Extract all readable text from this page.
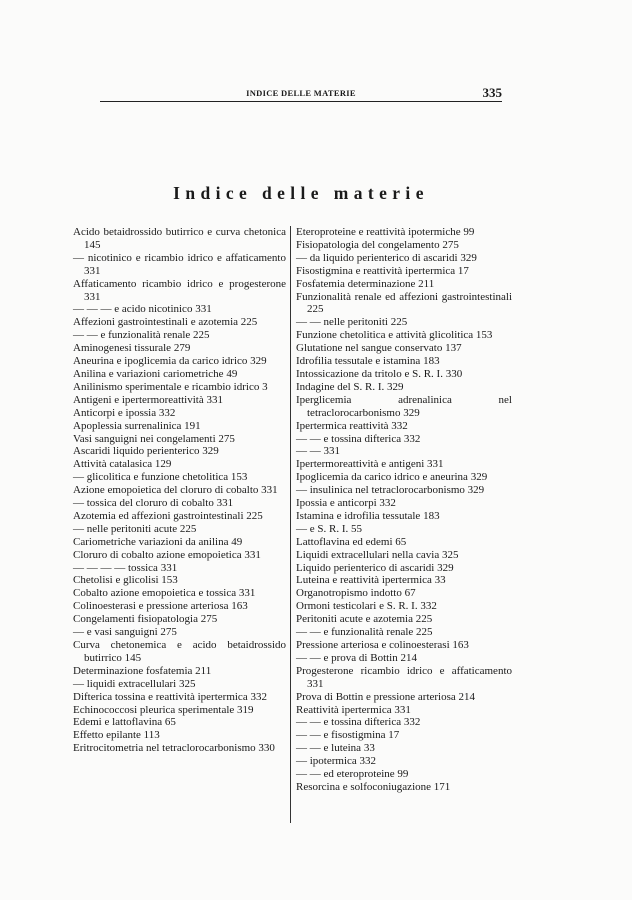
INDICE DELLE MATERIE	335
Indice delle materie

Acido betaidrossido butirrico e curva chetonica 145

— nicotinico e ricambio idrico e affaticamento 331

Affaticamento ricambio idrico e progesterone 331

— — — e acido nicotinico 331

Affezioni gastrointestinali e azotemia 225

— — e funzionalità renale 225

Aminogenesi tissurale 279

Aneurina e ipoglicemia da carico idrico 329

Anilina e variazioni cariometriche 49

Anilinismo sperimentale e ricambio idrico 3

Antigeni e ipertermoreattività 331

Anticorpi e ipossia 332

Apoplessia surrenalinica 191

Vasi sanguigni nei congelamenti 275

Ascaridi liquido perienterico 329

Attività catalasica 129

— glicolitica e funzione chetolitica 153

Azione emopoietica del cloruro di cobalto 331

— tossica del cloruro di cobalto 331

Azotemia ed affezioni gastrointestinali 225

— nelle peritoniti acute 225

Cariometriche variazioni da anilina 49

Cloruro di cobalto azione emopoietica 331

— — — — tossica 331

Chetolisi e glicolisi 153

Cobalto azione emopoietica e tossica 331

Colinoesterasi e pressione arteriosa 163

Congelamenti fisiopatologia 275

— e vasi sanguigni 275

Curva chetonemica e acido betaidrossido butirrico 145

Determinazione fosfatemia 211

— liquidi extracellulari 325

Difterica tossina e reattività ipertermica 332

Echinococcosi pleurica sperimentale 319

Edemi e lattoflavina 65

Effetto epilante 113

Eritrocitometria nel tetraclorocarbonismo 330

Eteroproteine e reattività ipotermiche 99

Fisiopatologia del congelamento 275

— da liquido perienterico di ascaridi 329

Fisostigmina e reattività ipertermica 17

Fosfatemia determinazione 211

Funzionalità renale ed affezioni gastrointestinali 225

— — nelle peritoniti 225

Funzione chetolitica e attività glicolitica 153

Glutatione nel sangue conservato 137

Idrofilia tessutale e istamina 183

Intossicazione da tritolo e S. R. I. 330

Indagine del S. R. I. 329

Iperglicemia adrenalinica nel tetraclorocarbonismo 329

Ipertermica reattività 332

— — e tossina difterica 332

— — 331

Ipertermoreattività e antigeni 331

Ipoglicemia da carico idrico e aneurina 329

— insulinica nel tetraclorocarbonismo 329

Ipossia e anticorpi 332

Istamina e idrofilia tessutale 183

— e S. R. I. 55

Lattoflavina ed edemi 65

Liquidi extracellulari nella cavia 325

Liquido perienterico di ascaridi 329

Luteina e reattività ipertermica 33

Organotropismo indotto 67

Ormoni testicolari e S. R. I. 332

Peritoniti acute e azotemia 225

— — e funzionalità renale 225

Pressione arteriosa e colinoesterasi 163

— — e prova di Bottin 214

Progesterone ricambio idrico e affaticamento 331

Prova di Bottin e pressione arteriosa 214

Reattività ipertermica 331

— — e tossina difterica 332

— — e fisostigmina 17

— — e luteina 33

— ipotermica 332

— — ed eteroproteine 99

Resorcina e solfoconiugazione 171
